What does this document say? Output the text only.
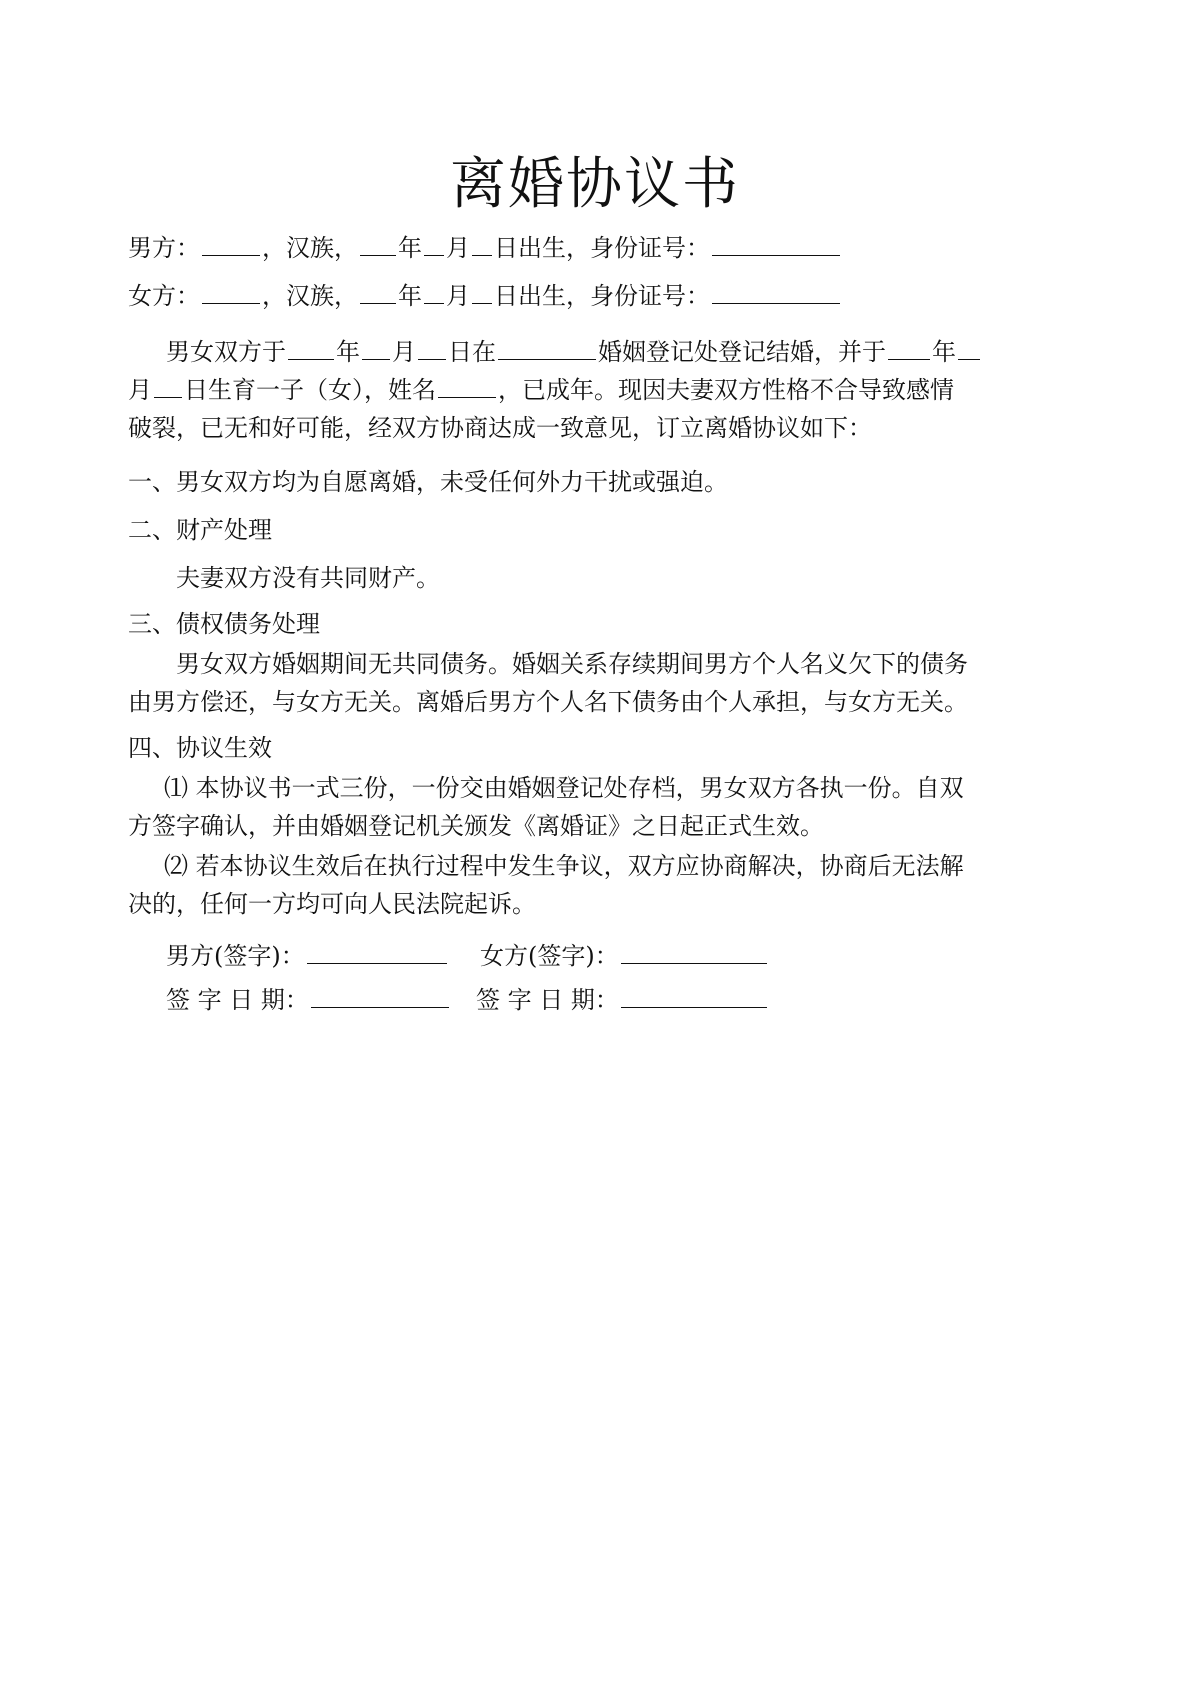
离婚协议书
男方：	，汉族， 年 月 日出生，身份证号：
女方：	，汉族， 年 月 日出生，身份证号：
男女双方于 年 月 日在	婚姻登记处登记结婚，并于 年
月 日生育一子（女），姓名	，已成年。现因夫妻双方性格不合导致感情
破裂，已无和好可能，经双方协商达成一致意见，订立离婚协议如下：
一、男女双方均为自愿离婚，未受任何外力干扰或强迫。
二、财产处理
夫妻双方没有共同财产。
三、债权债务处理
男女双方婚姻期间无共同债务。婚姻关系存续期间男方个人名义欠下的债务
由男方偿还，与女方无关。离婚后男方个人名下债务由个人承担，与女方无关。
四、协议生效
⑴ 本协议书一式三份，一份交由婚姻登记处存档，男女双方各执一份。自双
方签字确认，并由婚姻登记机关颁发《离婚证》之日起正式生效。
⑵ 若本协议生效后在执行过程中发生争议，双方应协商解决，协商后无法解
决的，任何一方均可向人民法院起诉。
男方(签字)：	女方(签字)：
签 字 日 期：	签 字 日 期：
